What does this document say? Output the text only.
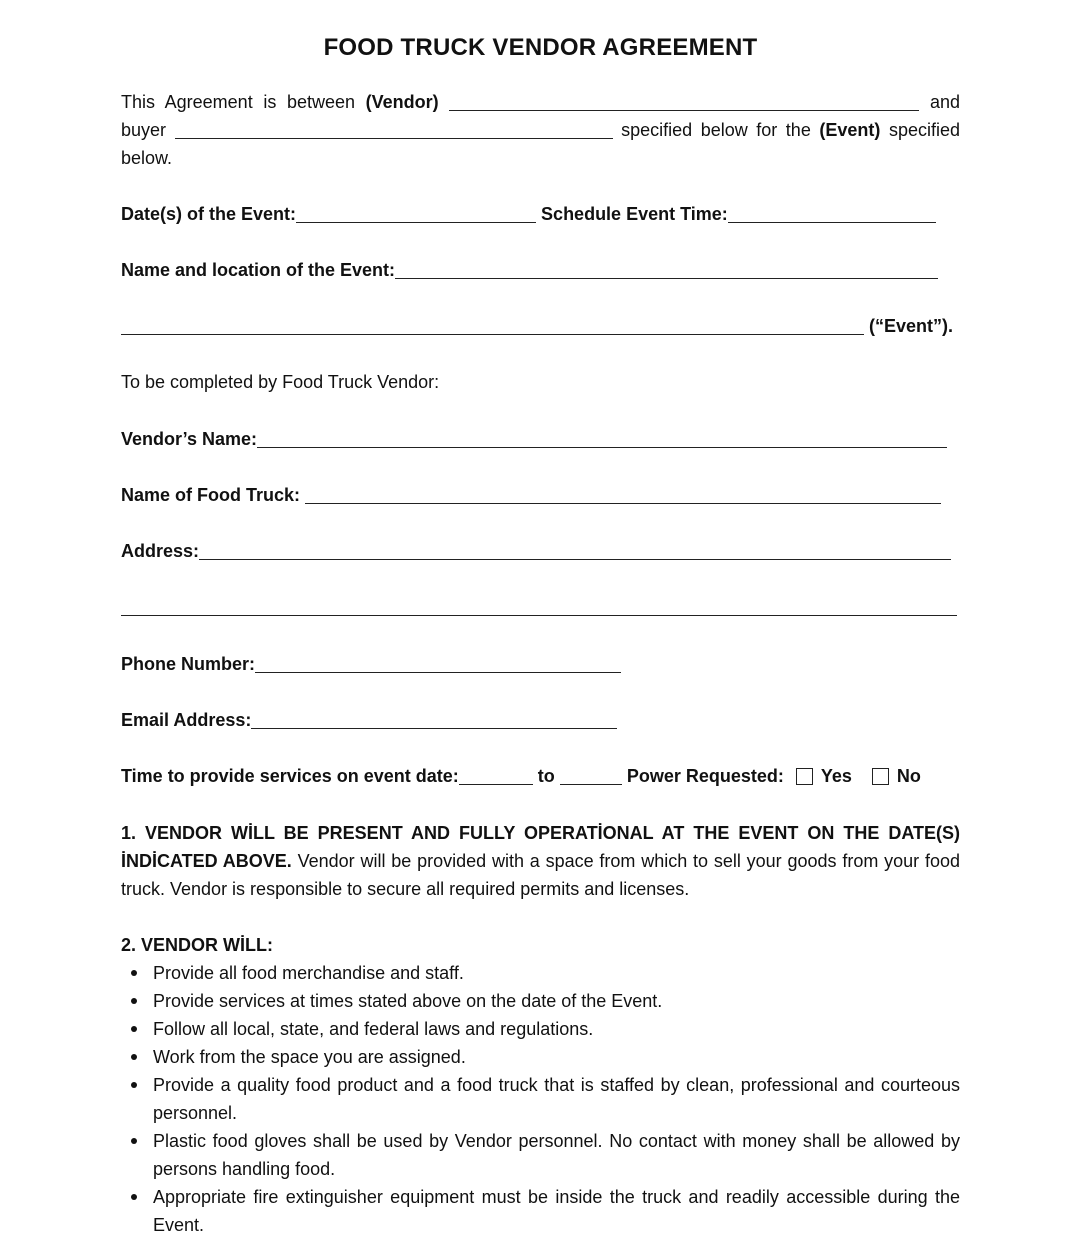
FOOD TRUCK VENDOR AGREEMENT
This Agreement is between (Vendor)	and buyer	specified below for the (Event) specified below.
Date(s) of the Event:	Schedule Event Time:
Name and location of the Event:
(“Event”).
To be completed by Food Truck Vendor:
Vendor’s Name:
Name of Food Truck:
Address:
Phone Number:
Email Address:
Time to provide services on event date:	to	Power Requested: Yes	No
1. VENDOR WİLL BE PRESENT AND FULLY OPERATİONAL AT THE EVENT ON THE DATE(S) İNDİCATED ABOVE. Vendor will be provided with a space from which to sell your goods from your food truck. Vendor is responsible to secure all required permits and licenses.
2. VENDOR WİLL:
Provide all food merchandise and staff.
Provide services at times stated above on the date of the Event.
Follow all local, state, and federal laws and regulations.
Work from the space you are assigned.
Provide a quality food product and a food truck that is staffed by clean, professional and courteous personnel.
Plastic food gloves shall be used by Vendor personnel. No contact with money shall be allowed by persons handling food.
Appropriate fire extinguisher equipment must be inside the truck and readily accessible during the Event.
